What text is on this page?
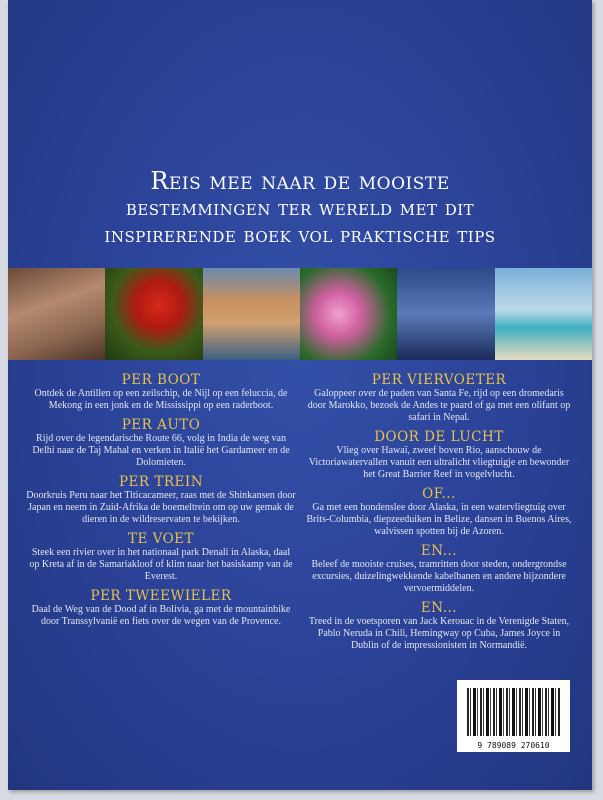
Reis mee naar de mooiste
bestemmingen ter wereld met dit
inspirerende boek vol praktische tips
PER BOOT

Ontdek de Antillen op een zeilschip, de Nijl op een feluccia, de Mekong in een jonk en de Mississippi op een raderboot.

PER AUTO

Rijd over de legendarische Route 66, volg in India de weg van Delhi naar de Taj Mahal en verken in Italië het Gardameer en de Dolomieten.

PER TREIN

Doorkruis Peru naar het Titicacameer, raas met de Shinkansen door Japan en neem in Zuid-Afrika de boemeltrein om op uw gemak de dieren in de wildreservaten te bekijken.

TE VOET

Steek een rivier over in het nationaal park Denali in Alaska, daal op Kreta af in de Samariakloof of klim naar het basiskamp van de Everest.

PER TWEEWIELER

Daal de Weg van de Dood af in Bolivia, ga met de mountainbike door Transsylvanië en fiets over de wegen van de Provence.

PER VIERVOETER

Galoppeer over de paden van Santa Fe, rijd op een dromedaris door Marokko, bezoek de Andes te paard of ga met een olifant op safari in Nepal.

DOOR DE LUCHT

Vlieg over Hawaï, zweef boven Rio, aanschouw de Victoriawatervallen vanuit een ultralicht vliegtuigje en bewonder het Great Barrier Reef in vogelvlucht.

OF...

Ga met een hondenslee door Alaska, in een watervliegtuig over Brits-Columbia, diepzeeduiken in Belize, dansen in Buenos Aires, walvissen spotten bij de Azoren.

EN...

Beleef de mooiste cruises, tramritten door steden, ondergrondse excursies, duizelingwekkende kabelbanen en andere bijzondere vervoermiddelen.

EN...

Treed in de voetsporen van Jack Kerouac in de Verenigde Staten, Pablo Neruda in Chili, Hemingway op Cuba, James Joyce in Dublin of de impressionisten in Normandië.

9 789089 270610
